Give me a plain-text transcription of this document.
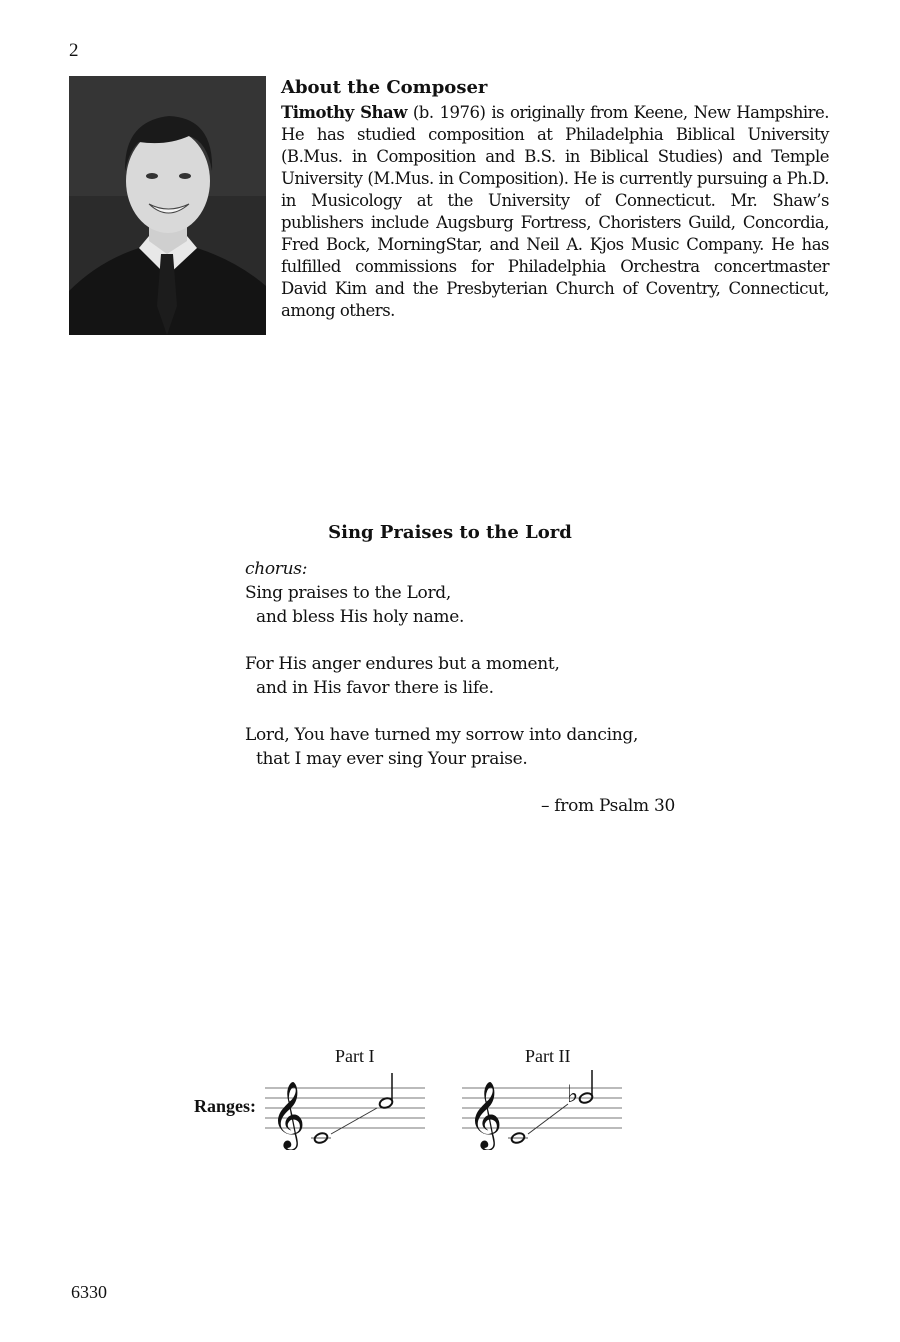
2
About the Composer

Timothy Shaw (b. 1976) is originally from Keene, New Hampshire. He has studied composition at Philadelphia Biblical University (B.Mus. in Composition and B.S. in Biblical Studies) and Temple University (M.Mus. in Composition). He is currently pursuing a Ph.D. in Musicology at the University of Connecticut. Mr. Shaw’s publishers include Augsburg Fortress, Choristers Guild, Concordia, Fred Bock, MorningStar, and Neil A. Kjos Music Company. He has fulfilled commissions for Philadelphia Orchestra concertmaster David Kim and the Presbyterian Church of Coventry, Connecticut, among others.

Sing Praises to the Lord
chorus:
Sing praises to the Lord,
and bless His holy name.
For His anger endures but a moment,
and in His favor there is life.
Lord, You have turned my sorrow into dancing,
that I may ever sing Your praise.
– from Psalm 30
Ranges:
Part I	Part II
𝄞	𝄞	♭
6330
